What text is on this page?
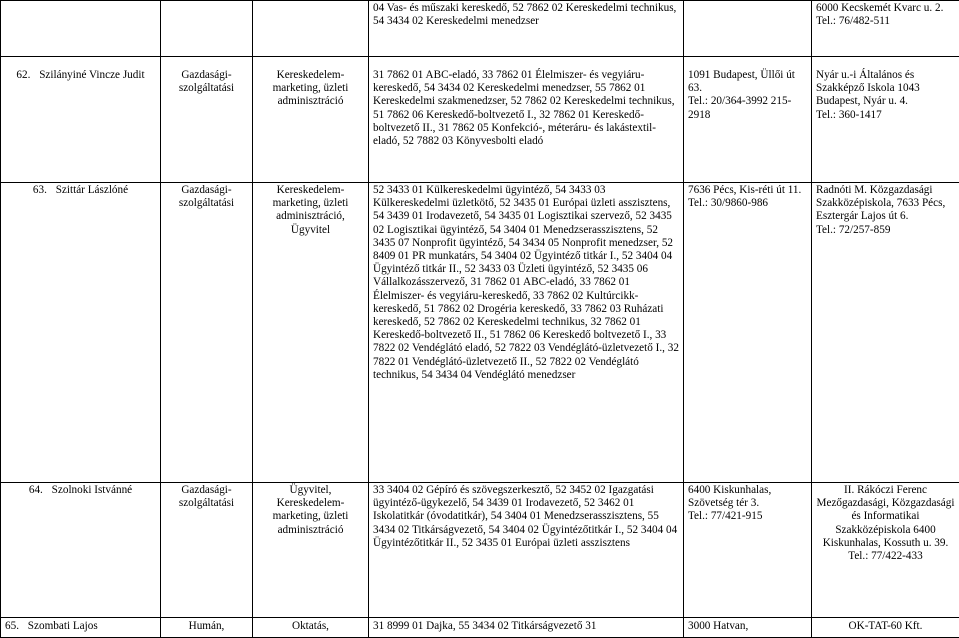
			04 Vas- és műszaki kereskedő, 52 7862 02 Kereskedelmi technikus, 54 3434 02 Kereskedelmi menedzser		6000 Kecskemét Kvarc u. 2.
Tel.: 76/482-511
62. Szilányiné Vincze Judit	Gazdasági-szolgáltatási	Kereskedelem-marketing, üzleti adminisztráció	31 7862 01 ABC-eladó, 33 7862 01 Élelmiszer- és vegyiáru-kereskedő, 54 3434 02 Kereskedelmi menedzser, 55 7862 01 Kereskedelmi szakmenedzser, 52 7862 02 Kereskedelmi technikus, 51 7862 06 Kereskedő-boltvezető I., 32 7862 01 Kereskedő-boltvezető II., 31 7862 05 Konfekció-, méteráru- és lakástextil-eladó, 52 7882 03 Könyvesbolti eladó	1091 Budapest, Üllői út 63.
Tel.: 20/364-3992 215-2918	Nyár u.-i Általános és Szakképző Iskola 1043 Budapest, Nyár u. 4.
Tel.: 360-1417
63. Szittár Lászlóné	Gazdasági-szolgáltatási	Kereskedelem-marketing, üzleti adminisztráció, Ügyvitel	52 3433 01 Külkereskedelmi ügyintéző, 54 3433 03 Külkereskedelmi üzletkötő, 52 3435 01 Európai üzleti asszisztens, 54 3439 01 Irodavezető, 54 3435 01 Logisztikai szervező, 52 3435 02 Logisztikai ügyintéző, 54 3404 01 Menedzserasszisztens, 52 3435 07 Nonprofit ügyintéző, 54 3434 05 Nonprofit menedzser, 52 8409 01 PR munkatárs, 54 3404 02 Ügyintéző titkár I., 52 3404 04 Ügyintéző titkár II., 52 3433 03 Üzleti ügyintéző, 52 3435 06 Vállalkozásszervező, 31 7862 01 ABC-eladó, 33 7862 01 Élelmiszer- és vegyiáru-kereskedő, 33 7862 02 Kultúrcikk-kereskedő, 51 7862 02 Drogéria kereskedő, 33 7862 03 Ruházati kereskedő, 52 7862 02 Kereskedelmi technikus, 32 7862 01 Kereskedő-boltvezető II., 51 7862 06 Kereskedő boltvezető I., 33 7822 02 Vendéglátó eladó, 52 7822 03 Vendéglátó-üzletvezető I., 32 7822 01 Vendéglátó-üzletvezető II., 52 7822 02 Vendéglátó technikus, 54 3434 04 Vendéglátó menedzser	7636 Pécs, Kis-réti út 11.
Tel.: 30/9860-986	Radnóti M. Közgazdasági Szakközépiskola, 7633 Pécs, Esztergár Lajos út 6.
Tel.: 72/257-859
64. Szolnoki Istvánné	Gazdasági-szolgáltatási	Ügyvitel, Kereskedelem-marketing, üzleti adminisztráció	33 3404 02 Gépíró és szövegszerkesztő, 52 3452 02 Igazgatási ügyintéző-ügykezelő, 54 3439 01 Irodavezető, 52 3462 01 Iskolatitkár (óvodatitkár), 54 3404 01 Menedzserasszisztens, 55 3434 02 Titkárságvezető, 54 3404 02 Ügyintézőtitkár I., 52 3404 04 Ügyintézőtitkár II., 52 3435 01 Európai üzleti asszisztens	6400 Kiskunhalas, Szövetség tér 3.
Tel.: 77/421-915	II. Rákóczi Ferenc Mezőgazdasági, Közgazdasági és Informatikai Szakközépiskola 6400 Kiskunhalas, Kossuth u. 39.
Tel.: 77/422-433
65. Szombati Lajos	Humán,	Oktatás,	31 8999 01 Dajka, 55 3434 02 Titkárságvezető 31	3000 Hatvan,	OK-TAT-60 Kft.
